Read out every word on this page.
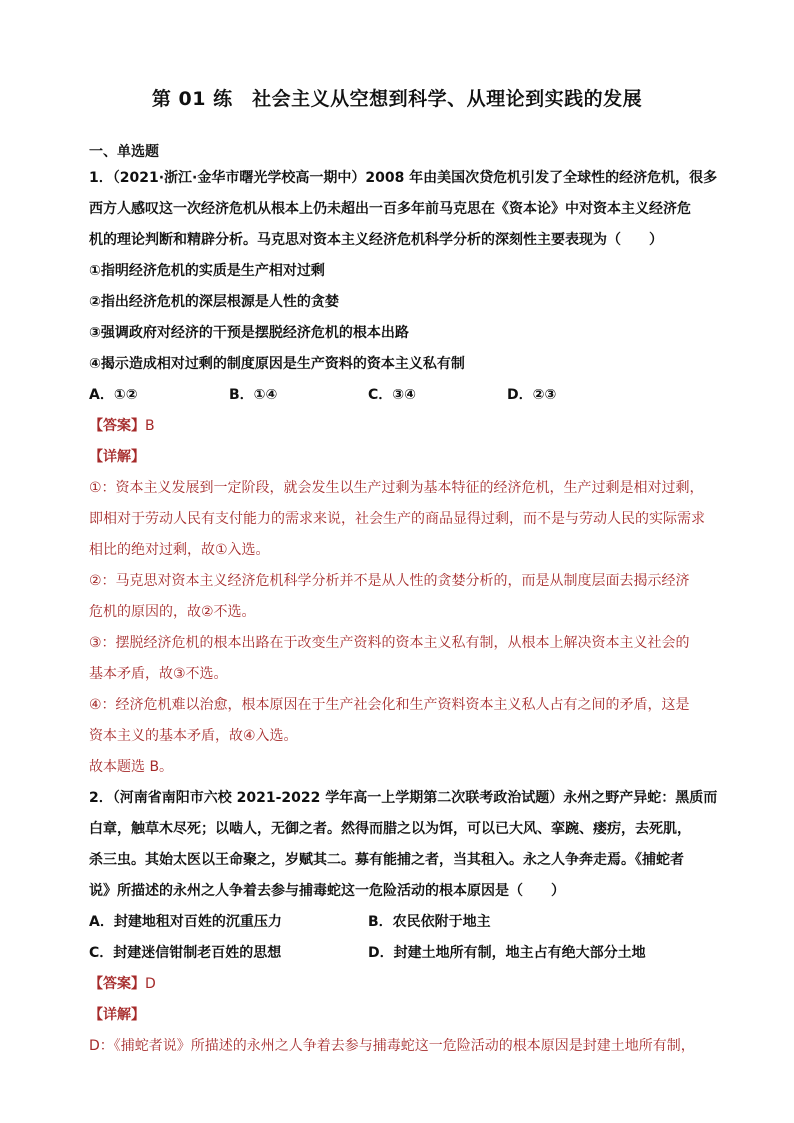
第 01 练　社会主义从空想到科学、从理论到实践的发展
一、单选题
1．（2021·浙江·金华市曙光学校高一期中）2008 年由美国次贷危机引发了全球性的经济危机，很多
西方人感叹这一次经济危机从根本上仍未超出一百多年前马克思在《资本论》中对资本主义经济危
机的理论判断和精辟分析。马克思对资本主义经济危机科学分析的深刻性主要表现为（　　）
①指明经济危机的实质是生产相对过剩
②指出经济危机的深层根源是人性的贪婪
③强调政府对经济的干预是摆脱经济危机的根本出路
④揭示造成相对过剩的制度原因是生产资料的资本主义私有制
A．①②	B．①④	C．③④	D．②③
【答案】B
【详解】
①：资本主义发展到一定阶段，就会发生以生产过剩为基本特征的经济危机，生产过剩是相对过剩，
即相对于劳动人民有支付能力的需求来说，社会生产的商品显得过剩，而不是与劳动人民的实际需求
相比的绝对过剩，故①入选。
②：马克思对资本主义经济危机科学分析并不是从人性的贪婪分析的，而是从制度层面去揭示经济
危机的原因的，故②不选。
③：摆脱经济危机的根本出路在于改变生产资料的资本主义私有制，从根本上解决资本主义社会的
基本矛盾，故③不选。
④：经济危机难以治愈，根本原因在于生产社会化和生产资料资本主义私人占有之间的矛盾，这是
资本主义的基本矛盾，故④入选。
故本题选 B。
2．（河南省南阳市六校 2021-2022 学年高一上学期第二次联考政治试题）永州之野产异蛇：黑质而
白章，触草木尽死；以啮人，无御之者。然得而腊之以为饵，可以已大风、挛踠、瘘疠，去死肌，
杀三虫。其始太医以王命聚之，岁赋其二。募有能捕之者，当其租入。永之人争奔走焉。《捕蛇者
说》所描述的永州之人争着去参与捕毒蛇这一危险活动的根本原因是（　　）
A．封建地租对百姓的沉重压力	B．农民依附于地主
C．封建迷信钳制老百姓的思想	D．封建土地所有制，地主占有绝大部分土地
【答案】D
【详解】
D：《捕蛇者说》所描述的永州之人争着去参与捕毒蛇这一危险活动的根本原因是封建土地所有制，
